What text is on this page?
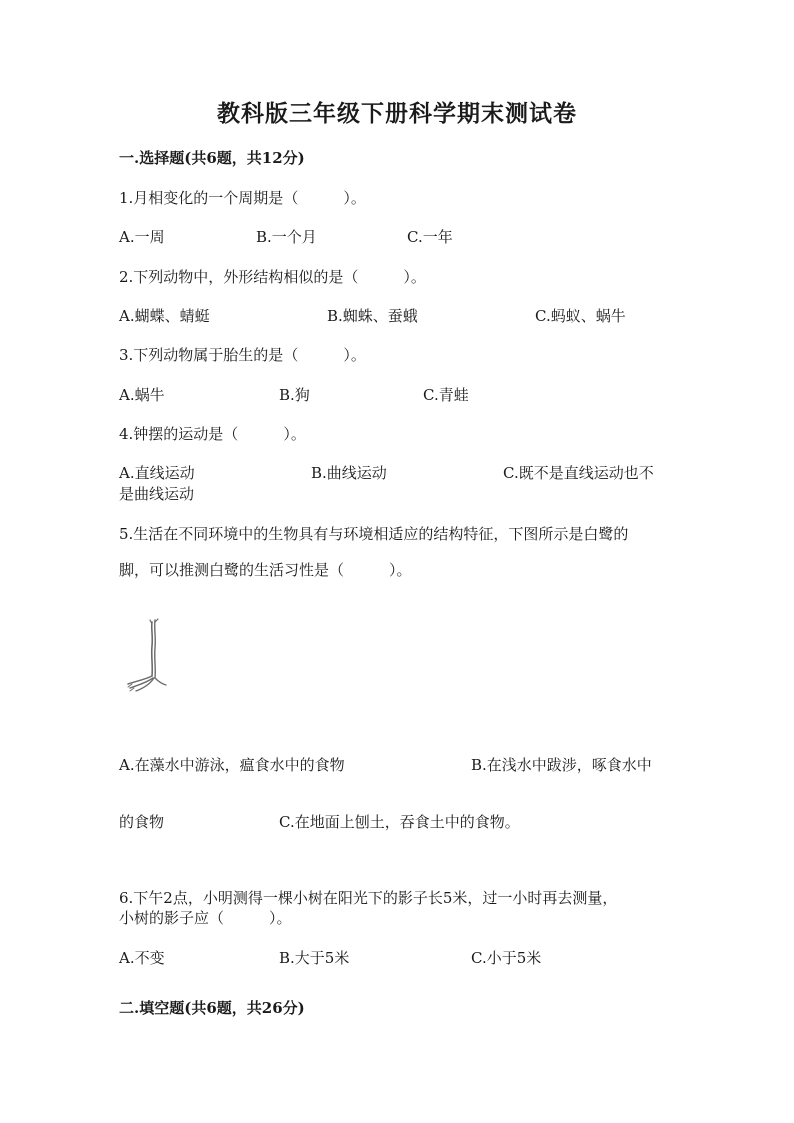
教科版三年级下册科学期末测试卷
一.选择题(共6题，共12分)
1.月相变化的一个周期是（　　　）。
A.一周	B.一个月	C.一年
2.下列动物中，外形结构相似的是（　　　）。
A.蝴蝶、蜻蜓	B.蜘蛛、蚕蛾	C.蚂蚁、蜗牛
3.下列动物属于胎生的是（　　　）。
A.蜗牛	B.狗	C.青蛙
4.钟摆的运动是（　　　）。
A.直线运动	B.曲线运动	C.既不是直线运动也不
是曲线运动
5.生活在不同环境中的生物具有与环境相适应的结构特征，下图所示是白鹭的
脚，可以推测白鹭的生活习性是（　　　）。
A.在藻水中游泳，瘟食水中的食物	B.在浅水中跋涉，啄食水中
的食物	C.在地面上刨土，吞食土中的食物。
6.下午2点，小明测得一棵小树在阳光下的影子长5米，过一小时再去测量，
小树的影子应（　　　）。
A.不变	B.大于5米	C.小于5米
二.填空题(共6题，共26分)
